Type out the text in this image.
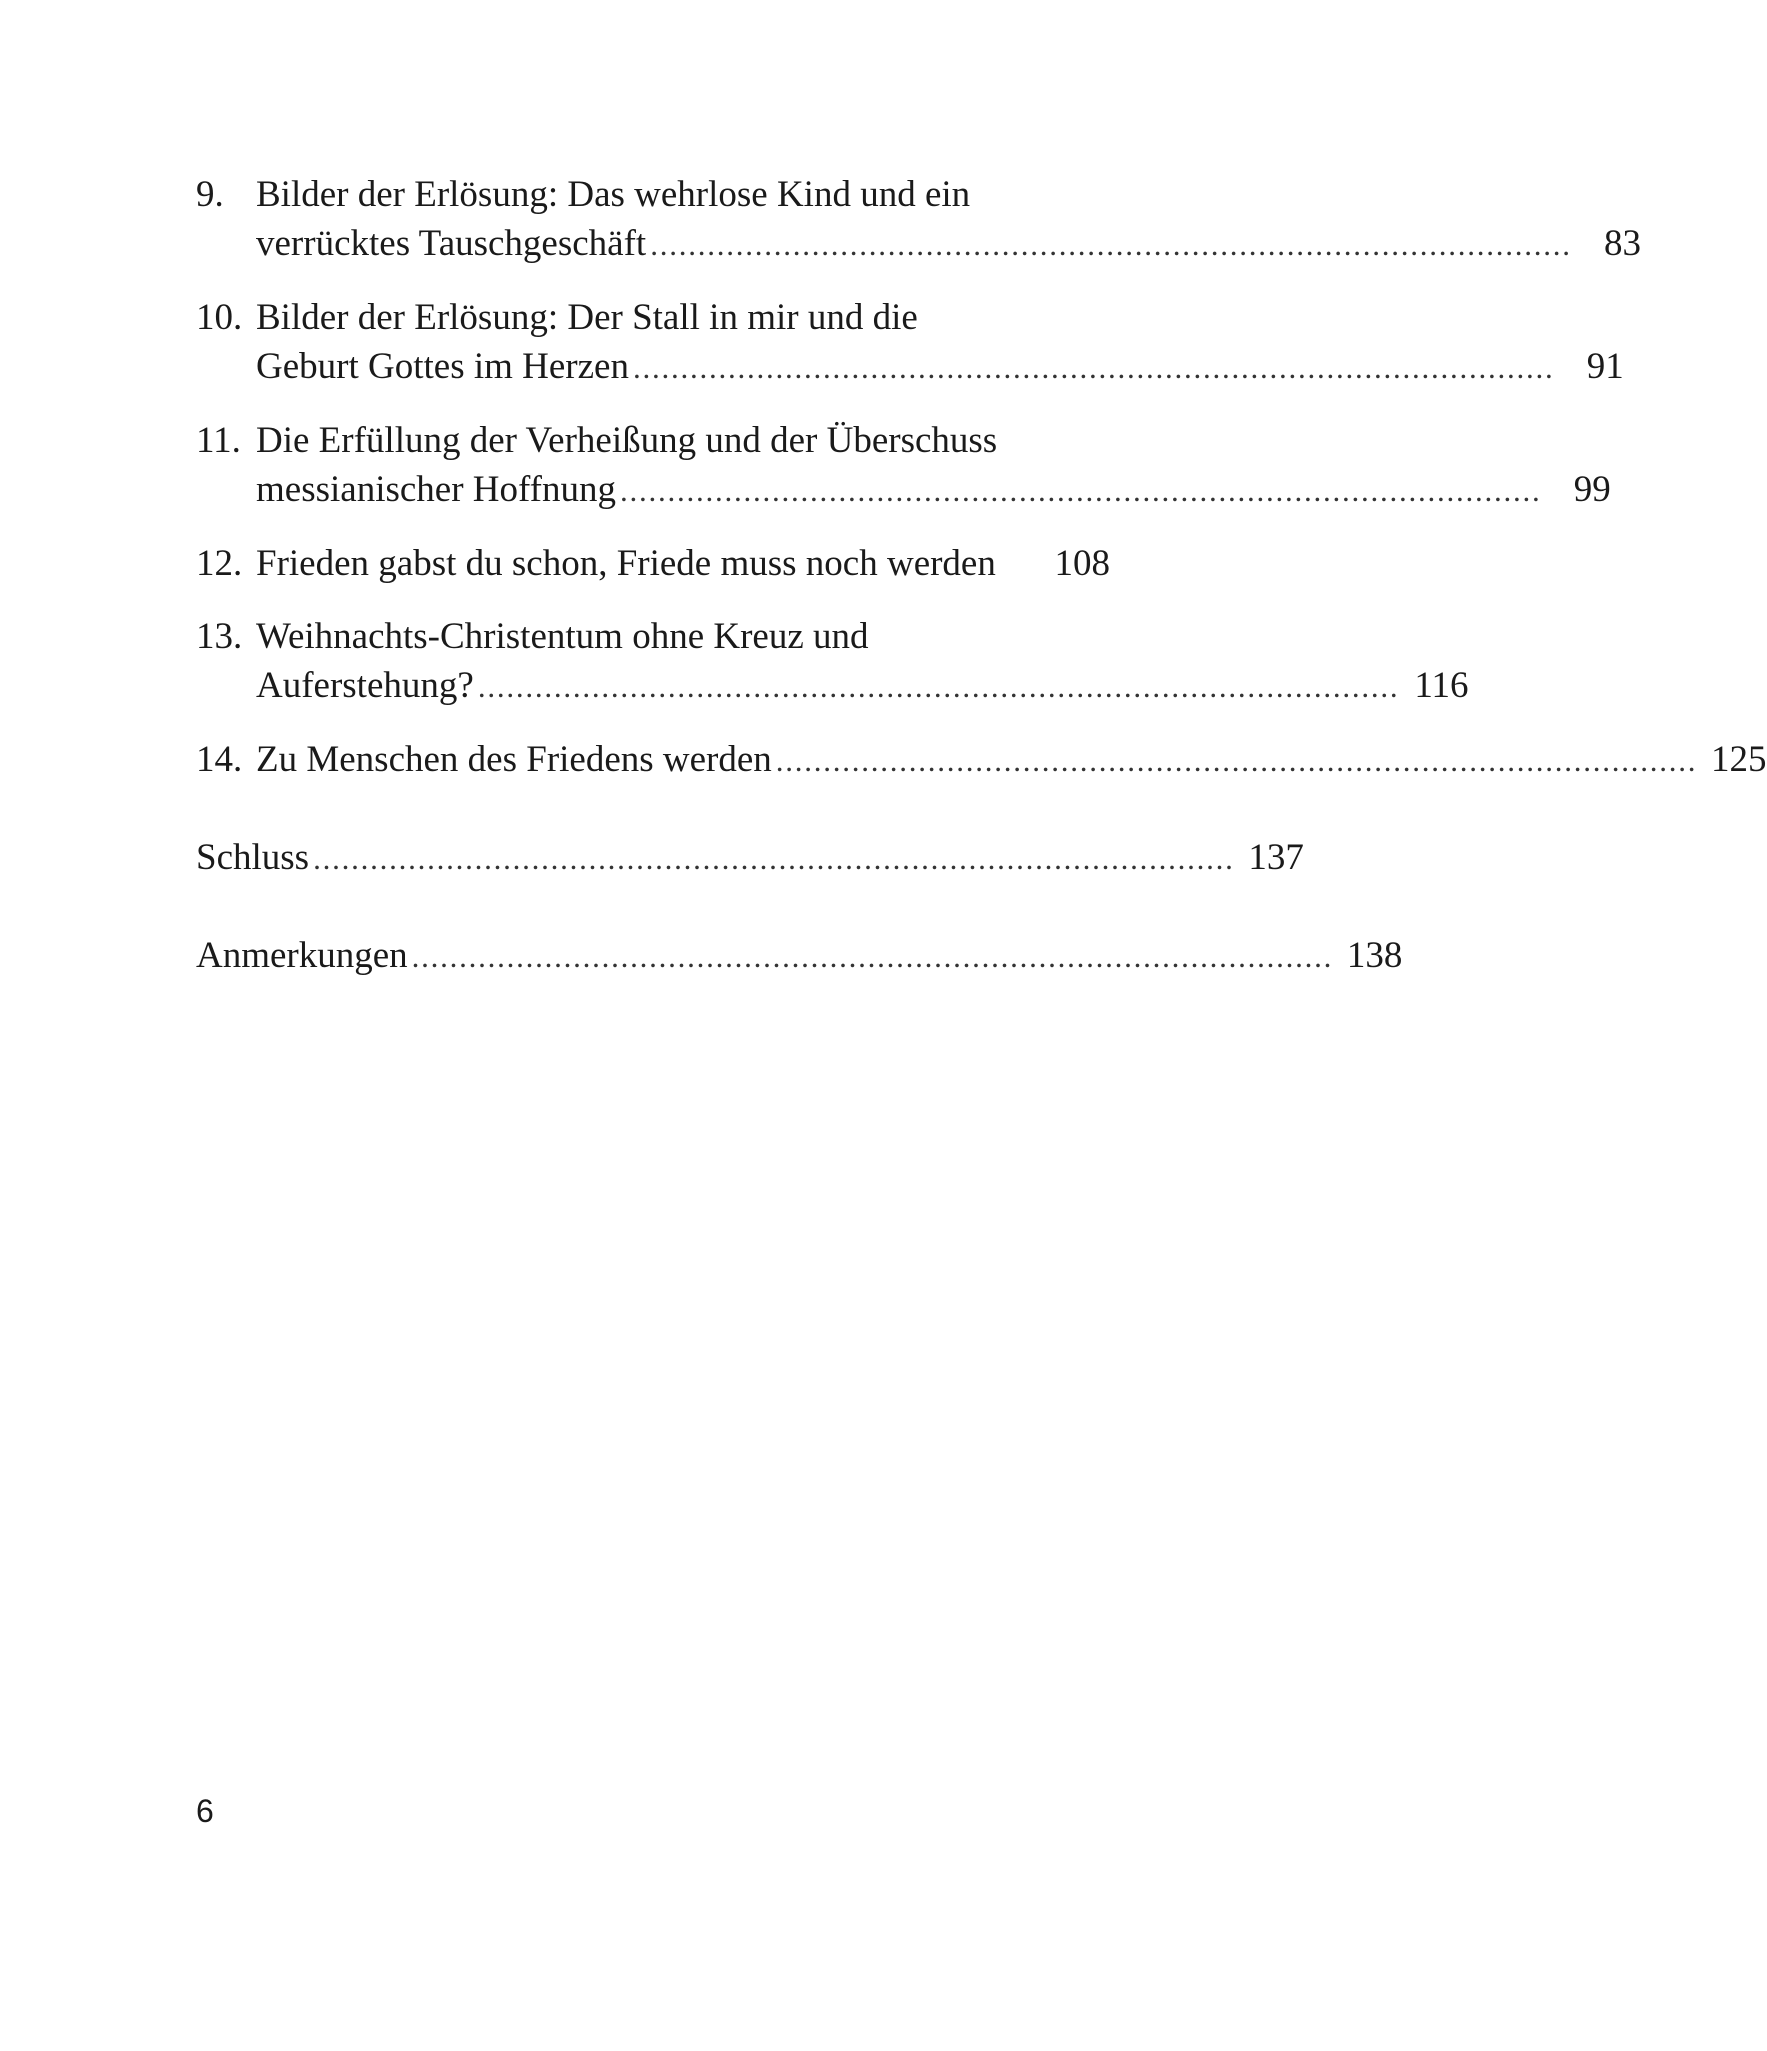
9. Bilder der Erlösung: Das wehrlose Kind und ein
verrücktes Tauschgeschäft . . .	83
10. Bilder der Erlösung: Der Stall in mir und die
Geburt Gottes im Herzen . . .	91
11. Die Erfüllung der Verheißung und der Überschuss
messianischer Hoffnung . . .	99
12. Frieden gabst du schon, Friede muss noch werden 108
13. Weihnachts-Christentum ohne Kreuz und
Auferstehung? . . .	116
14. Zu Menschen des Friedens werden . . .	125
Schluss . . .	137
Anmerkungen . . .	138
6
